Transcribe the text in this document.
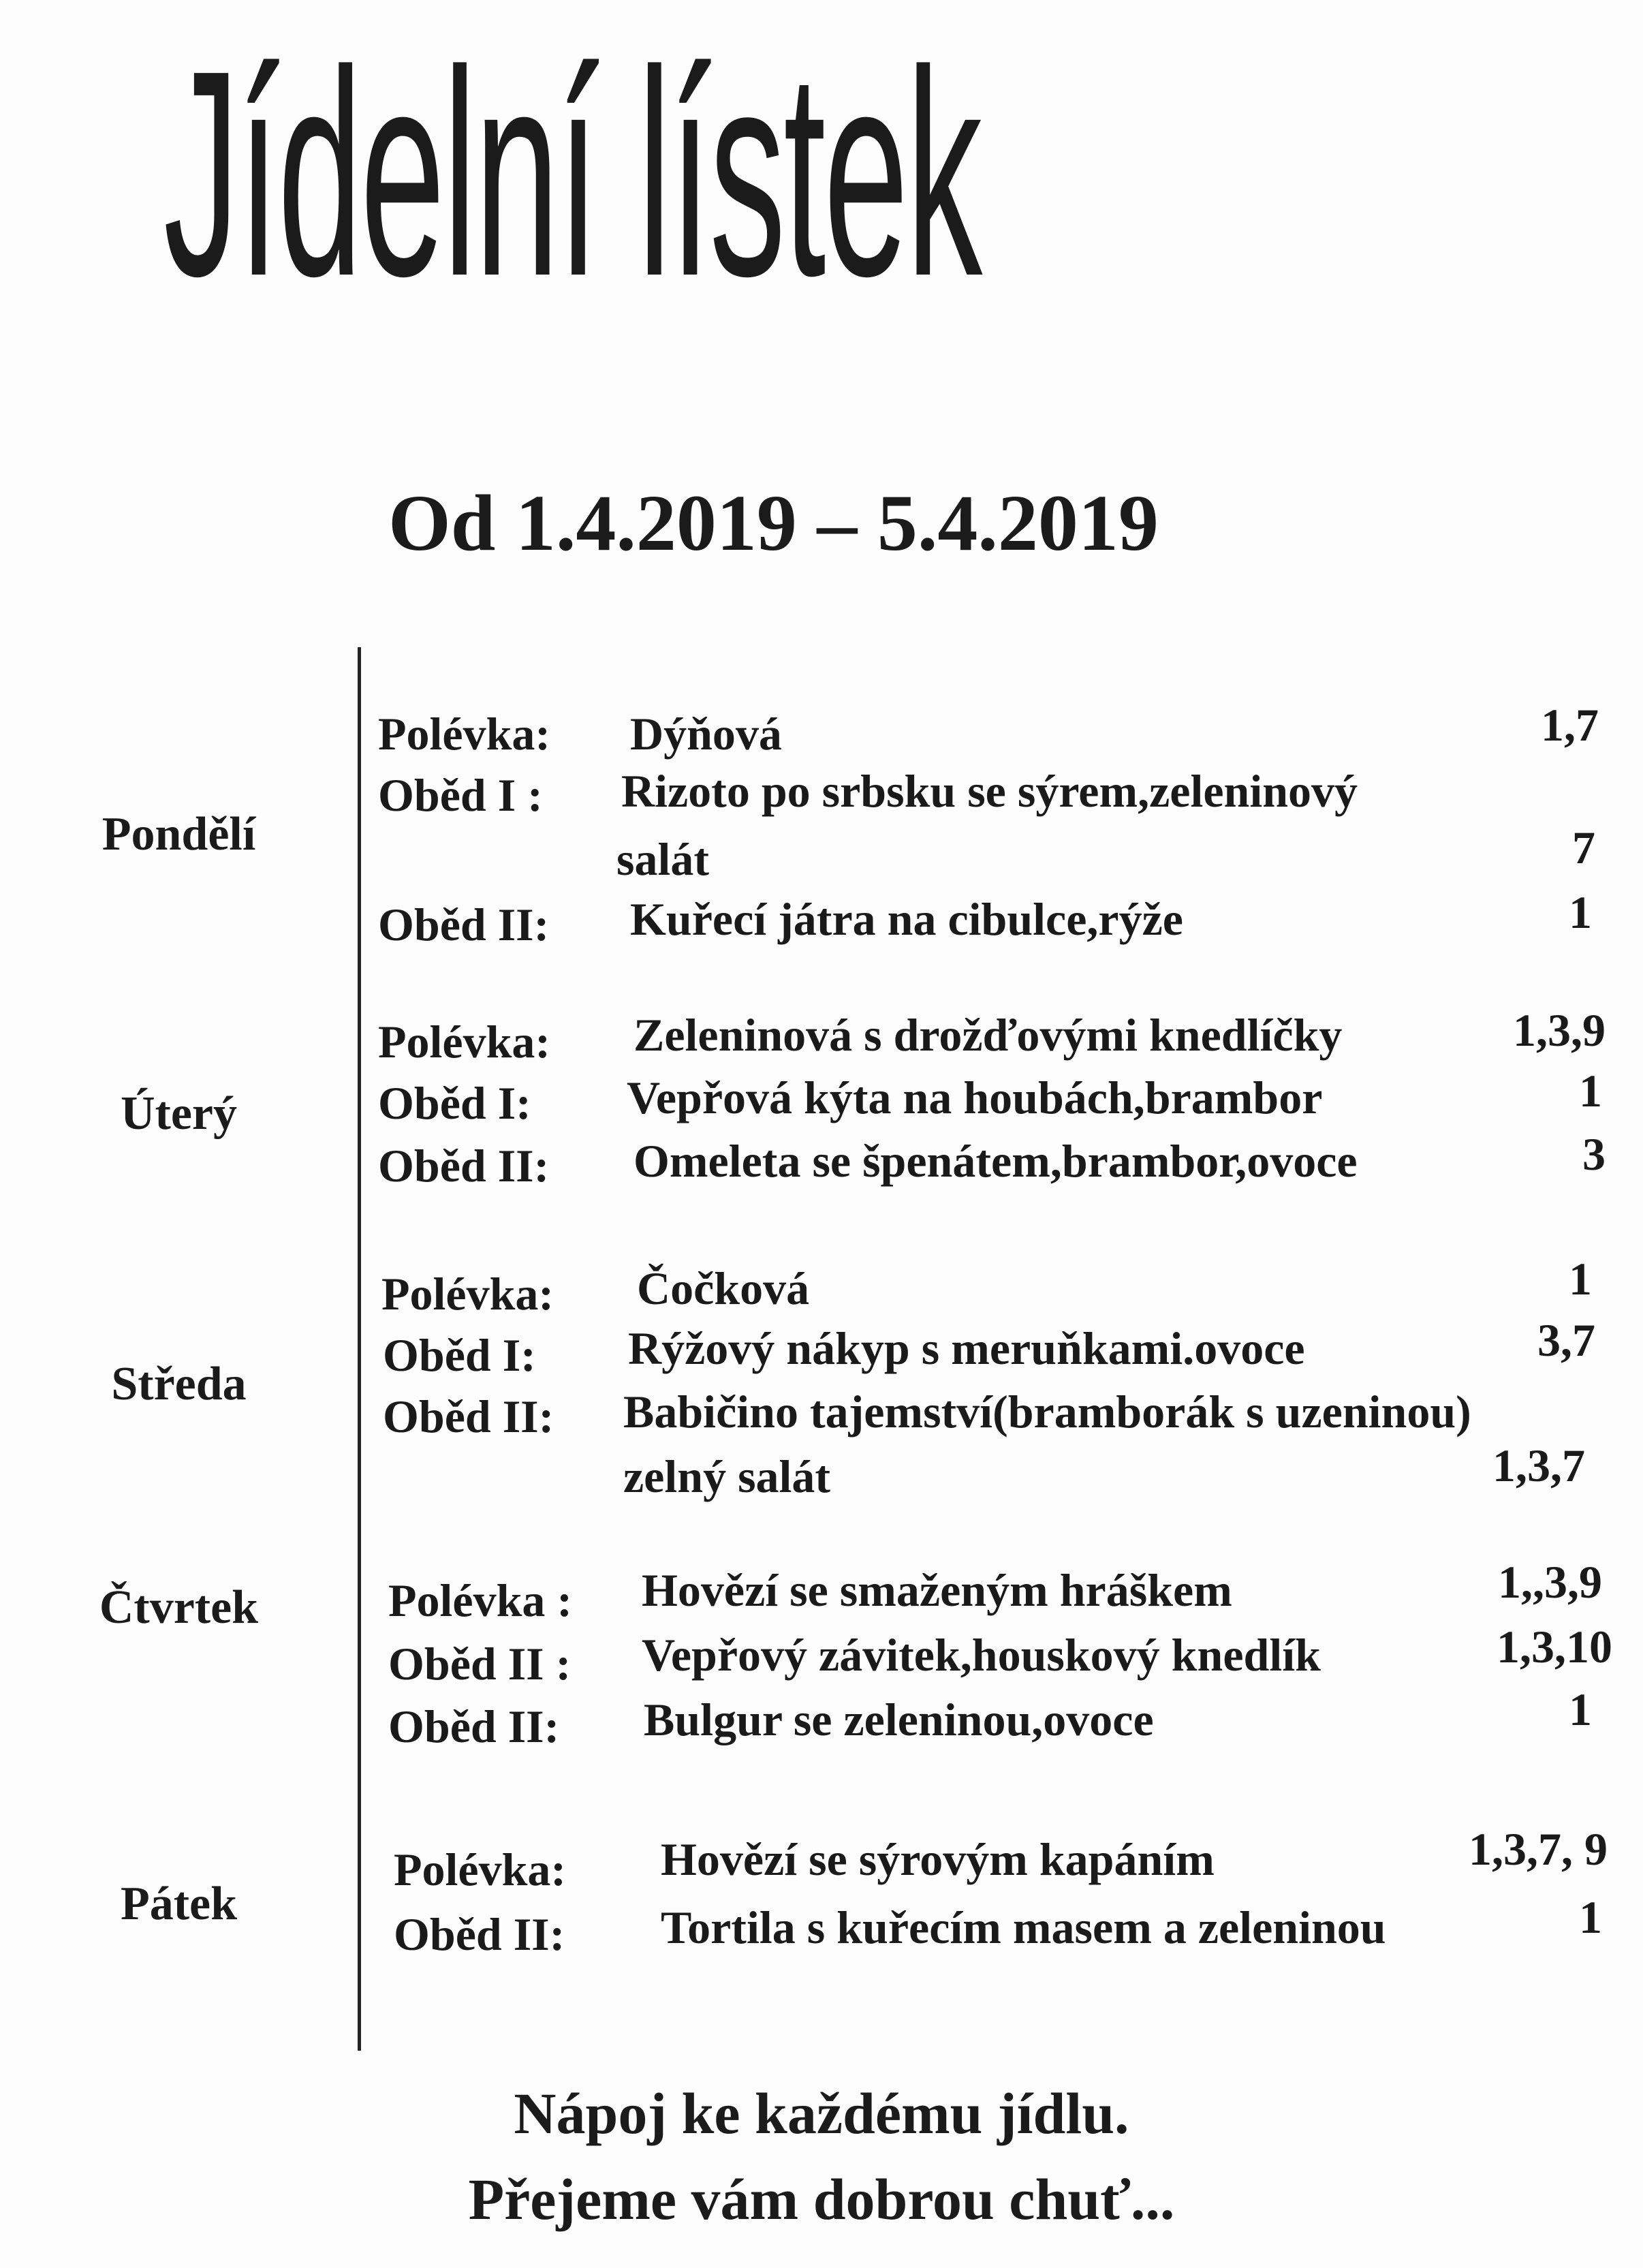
Jídelní lístek
Od 1.4.2019 – 5.4.2019
Pondělí
Polévka: Dýňová	1,7
Oběd I : Rizoto po srbsku se sýrem,zeleninový
salát	7
Oběd II: Kuřecí játra na cibulce,rýže	1
Úterý
Polévka: Zeleninová s drožďovými knedlíčky	1,3,9
Oběd I: Vepřová kýta na houbách,brambor	1
Oběd II: Omeleta se špenátem,brambor,ovoce	3
Středa
Polévka: Čočková	1
Oběd I: Rýžový nákyp s meruňkami.ovoce	3,7
Oběd II: Babičino tajemství(bramborák s uzeninou)
zelný salát	1,3,7
Čtvrtek	Polévka : Hovězí se smaženým hráškem	1,,3,9
Oběd II : Vepřový závitek,houskový knedlík	1,3,10
Oběd II: Bulgur se zeleninou,ovoce	1
Pátek
Polévka: Hovězí se sýrovým kapáním	1,3,7, 9
Oběd II: Tortila s kuřecím masem a zeleninou	1
Nápoj ke každému jídlu.
Přejeme vám dobrou chuť...
